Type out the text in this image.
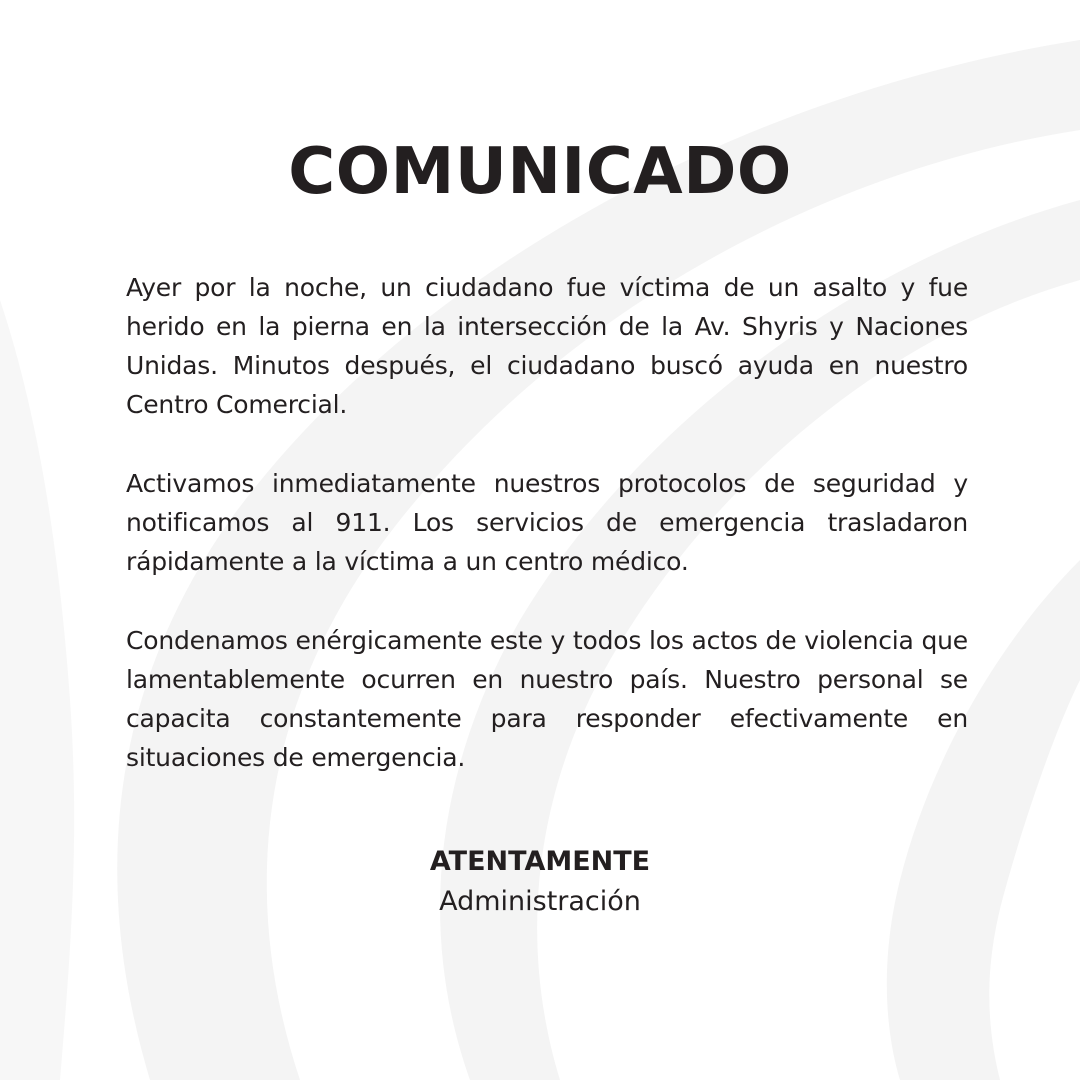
COMUNICADO

Ayer por la noche, un ciudadano fue víctima de un asalto y fue herido en la pierna en la intersección de la Av. Shyris y Naciones Unidas. Minutos después, el ciudadano buscó ayuda en nuestro Centro Comercial.

Activamos inmediatamente nuestros protocolos de seguridad y notificamos al 911. Los servicios de emergencia trasladaron rápidamente a la víctima a un centro médico.

Condenamos enérgicamente este y todos los actos de violencia que lamentablemente ocurren en nuestro país. Nuestro personal se capacita constantemente para responder efectivamente en situaciones de emergencia.

ATENTAMENTE
Administración
